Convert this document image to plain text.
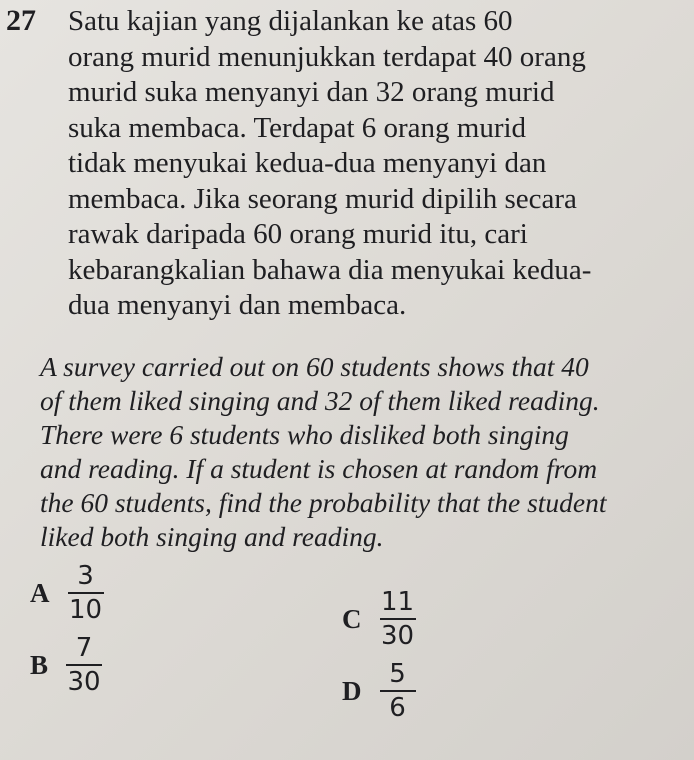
27 Satu kajian yang dijalankan ke atas 60
orang murid menunjukkan terdapat 40 orang
murid suka menyanyi dan 32 orang murid
suka membaca. Terdapat 6 orang murid
tidak menyukai kedua-dua menyanyi dan
membaca. Jika seorang murid dipilih secara
rawak daripada 60 orang murid itu, cari
kebarangkalian bahawa dia menyukai kedua-
dua menyanyi dan membaca.
A survey carried out on 60 students shows that 40
of them liked singing and 32 of them liked reading.
There were 6 students who disliked both singing
and reading. If a student is chosen at random from
the 60 students, find the probability that the student
liked both singing and reading.
A $\frac{3}{10}$
B $\frac{7}{30}$
C $\frac{11}{30}$
D $\frac{5}{6}$
